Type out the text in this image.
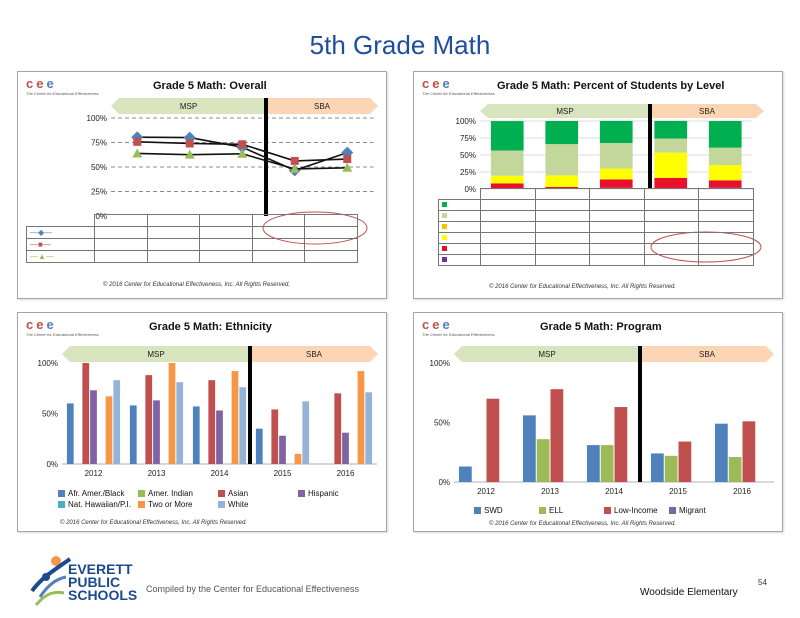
5th Grade Math
cee
The Center for Educational Effectiveness
Grade 5 Math: Overall
MSP	SBA
0%
25%
50%
75%
100%

—◆—					
—■—					
—▲—					
© 2016 Center for Educational Effectiveness, Inc. All Rights Reserved.
cee
The Center for Educational Effectiveness
Grade 5 Math: Percent of Students by Level
MSP	SBA
0%
25%
50%
75%
100%

© 2016 Center for Educational Effectiveness, Inc. All Rights Reserved.
cee
The Center for Educational Effectiveness
Grade 5 Math: Ethnicity
MSP	SBA
0%
50%
100%
2012	2013	2014	2015	2016
Afr. Amer./Black	Amer. Indian	Asian	Hispanic
Nat. Hawaiian/P.I. Two or More	White
© 2016 Center for Educational Effectiveness, Inc. All Rights Reserved.
cee
The Center for Educational Effectiveness
Grade 5 Math: Program
MSP	SBA
0%
50%
100%
2012	2013	2014	2015	2016
SWD	ELL	Low-Income	Migrant
© 2016 Center for Educational Effectiveness, Inc. All Rights Reserved.
EVERETT
PUBLIC
SCHOOLS Compiled by the Center for Educational Effectiveness
54
Woodside Elementary
